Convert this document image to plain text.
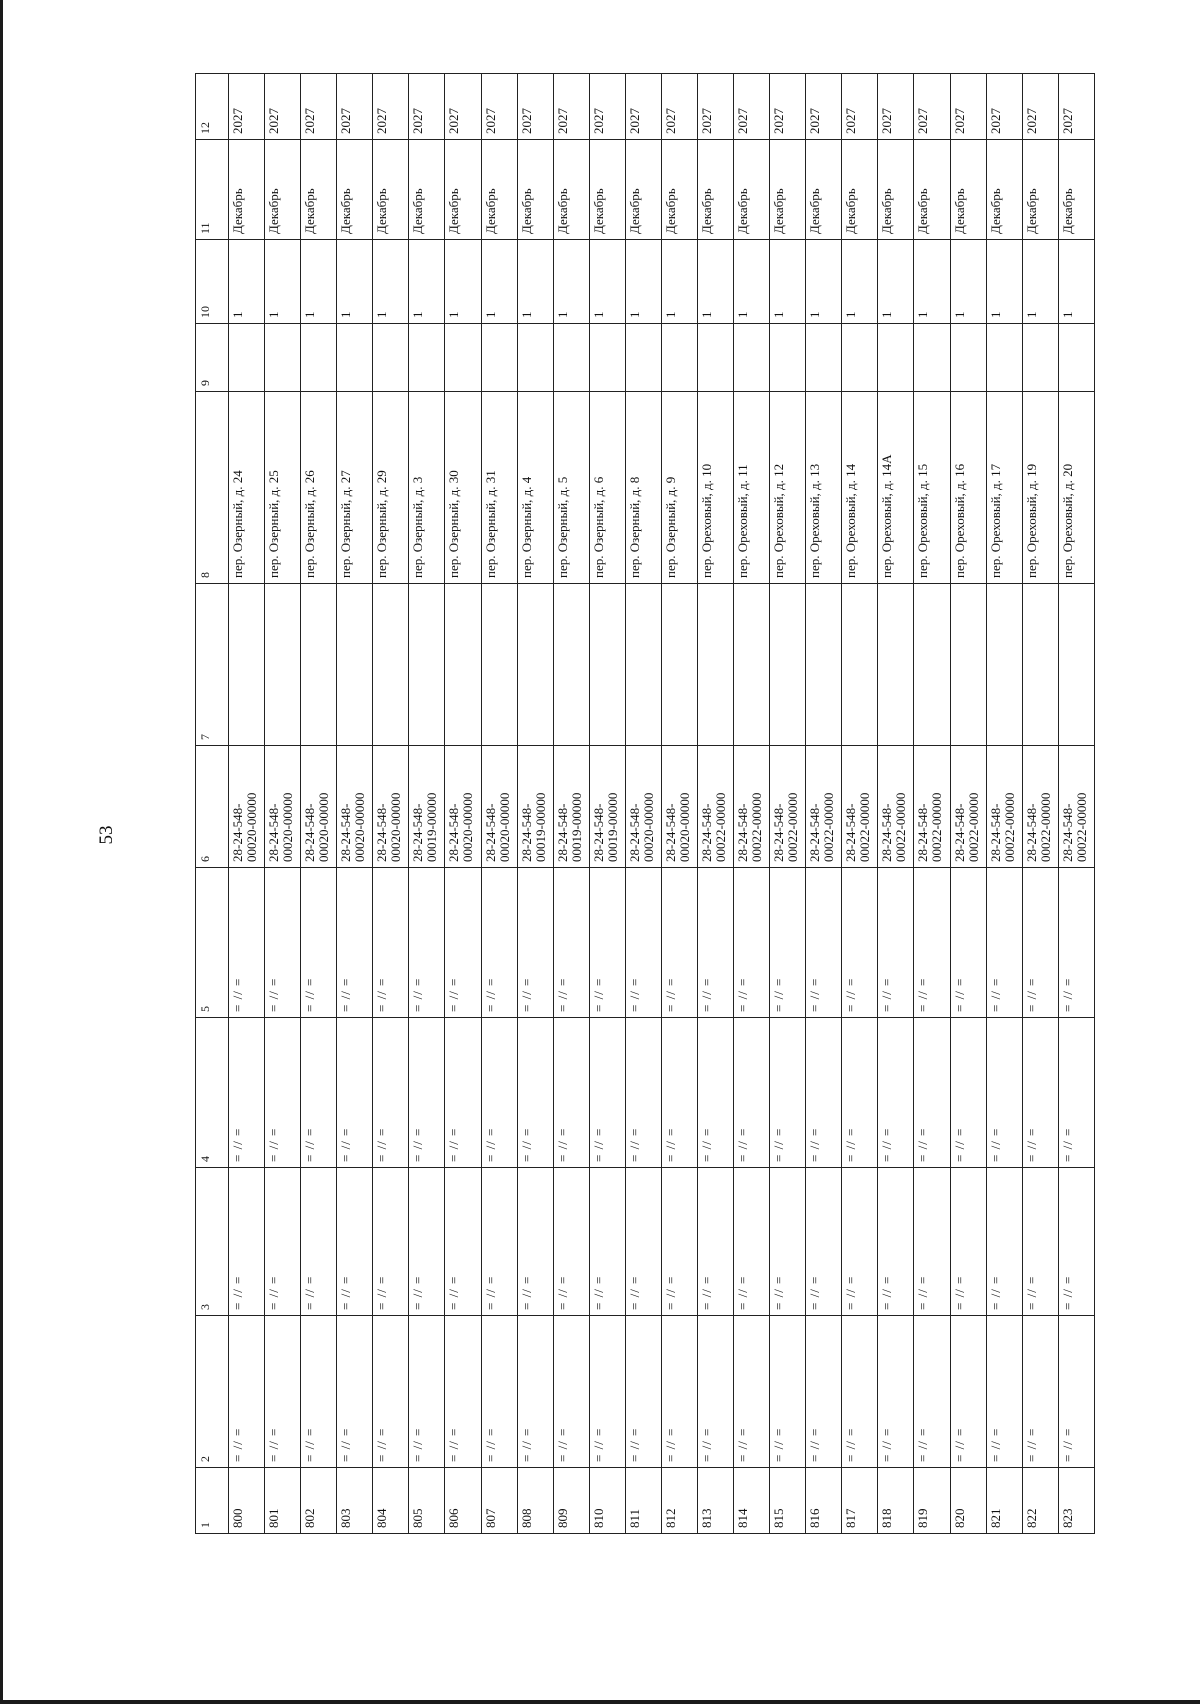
53
1	2	3	4	5	6	7	8	9	10	11	12
800	= // =	= // =	= // =	= // =	28-24-548- 00020-00000		пер. Озерный, д. 24		1	Декабрь	2027
801	= // =	= // =	= // =	= // =	28-24-548- 00020-00000		пер. Озерный, д. 25		1	Декабрь	2027
802	= // =	= // =	= // =	= // =	28-24-548- 00020-00000		пер. Озерный, д. 26		1	Декабрь	2027
803	= // =	= // =	= // =	= // =	28-24-548- 00020-00000		пер. Озерный, д. 27		1	Декабрь	2027
804	= // =	= // =	= // =	= // =	28-24-548- 00020-00000		пер. Озерный, д. 29		1	Декабрь	2027
805	= // =	= // =	= // =	= // =	28-24-548- 00019-00000		пер. Озерный, д. 3		1	Декабрь	2027
806	= // =	= // =	= // =	= // =	28-24-548- 00020-00000		пер. Озерный, д. 30		1	Декабрь	2027
807	= // =	= // =	= // =	= // =	28-24-548- 00020-00000		пер. Озерный, д. 31		1	Декабрь	2027
808	= // =	= // =	= // =	= // =	28-24-548- 00019-00000		пер. Озерный, д. 4		1	Декабрь	2027
809	= // =	= // =	= // =	= // =	28-24-548- 00019-00000		пер. Озерный, д. 5		1	Декабрь	2027
810	= // =	= // =	= // =	= // =	28-24-548- 00019-00000		пер. Озерный, д. 6		1	Декабрь	2027
811	= // =	= // =	= // =	= // =	28-24-548- 00020-00000		пер. Озерный, д. 8		1	Декабрь	2027
812	= // =	= // =	= // =	= // =	28-24-548- 00020-00000		пер. Озерный, д. 9		1	Декабрь	2027
813	= // =	= // =	= // =	= // =	28-24-548- 00022-00000		пер. Ореховый, д. 10		1	Декабрь	2027
814	= // =	= // =	= // =	= // =	28-24-548- 00022-00000		пер. Ореховый, д. 11		1	Декабрь	2027
815	= // =	= // =	= // =	= // =	28-24-548- 00022-00000		пер. Ореховый, д. 12		1	Декабрь	2027
816	= // =	= // =	= // =	= // =	28-24-548- 00022-00000		пер. Ореховый, д. 13		1	Декабрь	2027
817	= // =	= // =	= // =	= // =	28-24-548- 00022-00000		пер. Ореховый, д. 14		1	Декабрь	2027
818	= // =	= // =	= // =	= // =	28-24-548- 00022-00000		пер. Ореховый, д. 14А		1	Декабрь	2027
819	= // =	= // =	= // =	= // =	28-24-548- 00022-00000		пер. Ореховый, д. 15		1	Декабрь	2027
820	= // =	= // =	= // =	= // =	28-24-548- 00022-00000		пер. Ореховый, д. 16		1	Декабрь	2027
821	= // =	= // =	= // =	= // =	28-24-548- 00022-00000		пер. Ореховый, д. 17		1	Декабрь	2027
822	= // =	= // =	= // =	= // =	28-24-548- 00022-00000		пер. Ореховый, д. 19		1	Декабрь	2027
823	= // =	= // =	= // =	= // =	28-24-548- 00022-00000		пер. Ореховый, д. 20		1	Декабрь	2027
